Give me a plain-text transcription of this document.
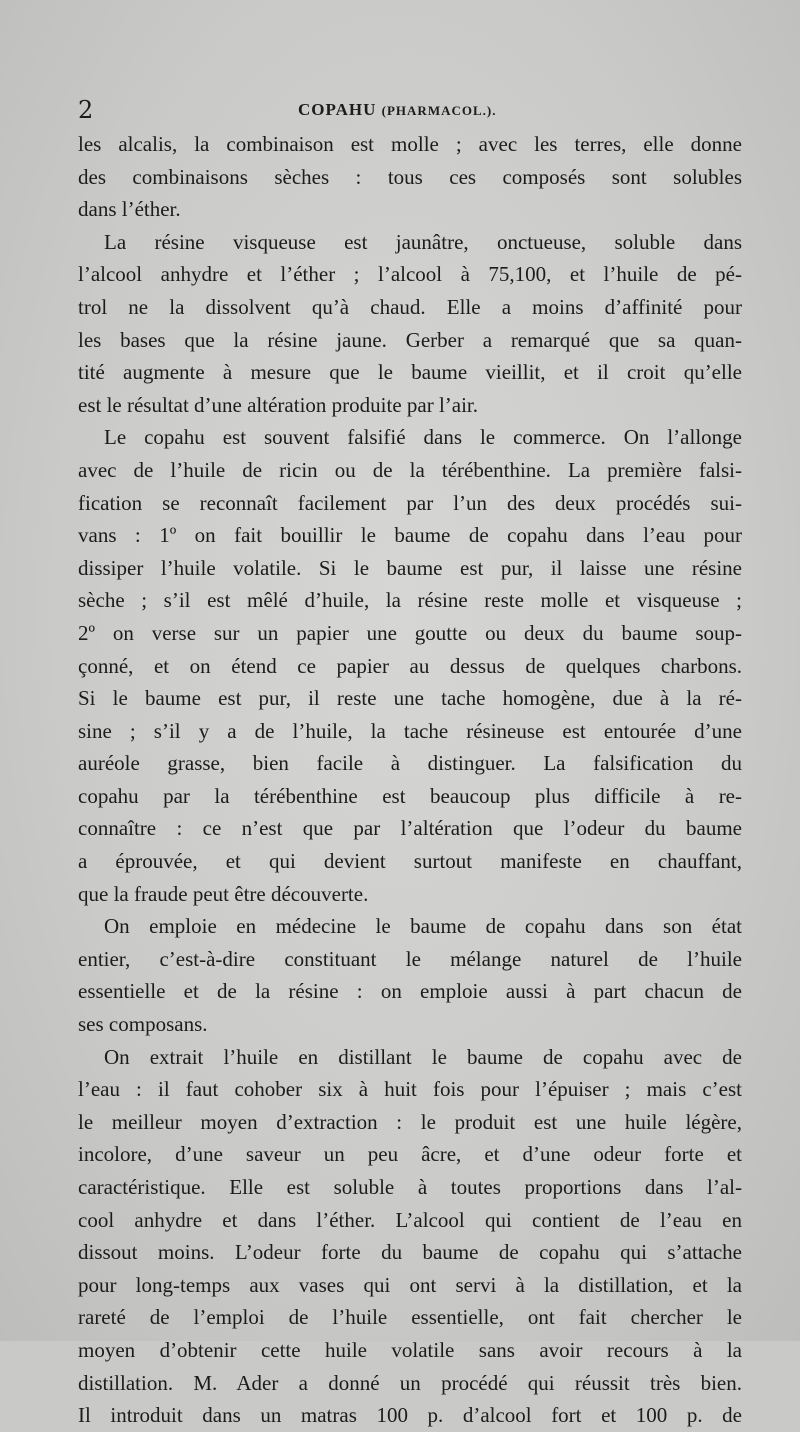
2	COPAHU (PHARMACOL.).
les alcalis, la combinaison est molle ; avec les terres, elle donne
des combinaisons sèches : tous ces composés sont solubles
dans l’éther.
La résine visqueuse est jaunâtre, onctueuse, soluble dans
l’alcool anhydre et l’éther ; l’alcool à 75,100, et l’huile de pé-
trol ne la dissolvent qu’à chaud. Elle a moins d’affinité pour
les bases que la résine jaune. Gerber a remarqué que sa quan-
tité augmente à mesure que le baume vieillit, et il croit qu’elle
est le résultat d’une altération produite par l’air.
Le copahu est souvent falsifié dans le commerce. On l’allonge
avec de l’huile de ricin ou de la térébenthine. La première falsi-
fication se reconnaît facilement par l’un des deux procédés sui-
vans : 1º on fait bouillir le baume de copahu dans l’eau pour
dissiper l’huile volatile. Si le baume est pur, il laisse une résine
sèche ; s’il est mêlé d’huile, la résine reste molle et visqueuse ;
2º on verse sur un papier une goutte ou deux du baume soup-
çonné, et on étend ce papier au dessus de quelques charbons.
Si le baume est pur, il reste une tache homogène, due à la ré-
sine ; s’il y a de l’huile, la tache résineuse est entourée d’une
auréole grasse, bien facile à distinguer. La falsification du
copahu par la térébenthine est beaucoup plus difficile à re-
connaître : ce n’est que par l’altération que l’odeur du baume
a éprouvée, et qui devient surtout manifeste en chauffant,
que la fraude peut être découverte.
On emploie en médecine le baume de copahu dans son état
entier, c’est-à-dire constituant le mélange naturel de l’huile
essentielle et de la résine : on emploie aussi à part chacun de
ses composans.
On extrait l’huile en distillant le baume de copahu avec de
l’eau : il faut cohober six à huit fois pour l’épuiser ; mais c’est
le meilleur moyen d’extraction : le produit est une huile légère,
incolore, d’une saveur un peu âcre, et d’une odeur forte et
caractéristique. Elle est soluble à toutes proportions dans l’al-
cool anhydre et dans l’éther. L’alcool qui contient de l’eau en
dissout moins. L’odeur forte du baume de copahu qui s’attache
pour long-temps aux vases qui ont servi à la distillation, et la
rareté de l’emploi de l’huile essentielle, ont fait chercher le
moyen d’obtenir cette huile volatile sans avoir recours à la
distillation. M. Ader a donné un procédé qui réussit très bien.
Il introduit dans un matras 100 p. d’alcool fort et 100 p. de
